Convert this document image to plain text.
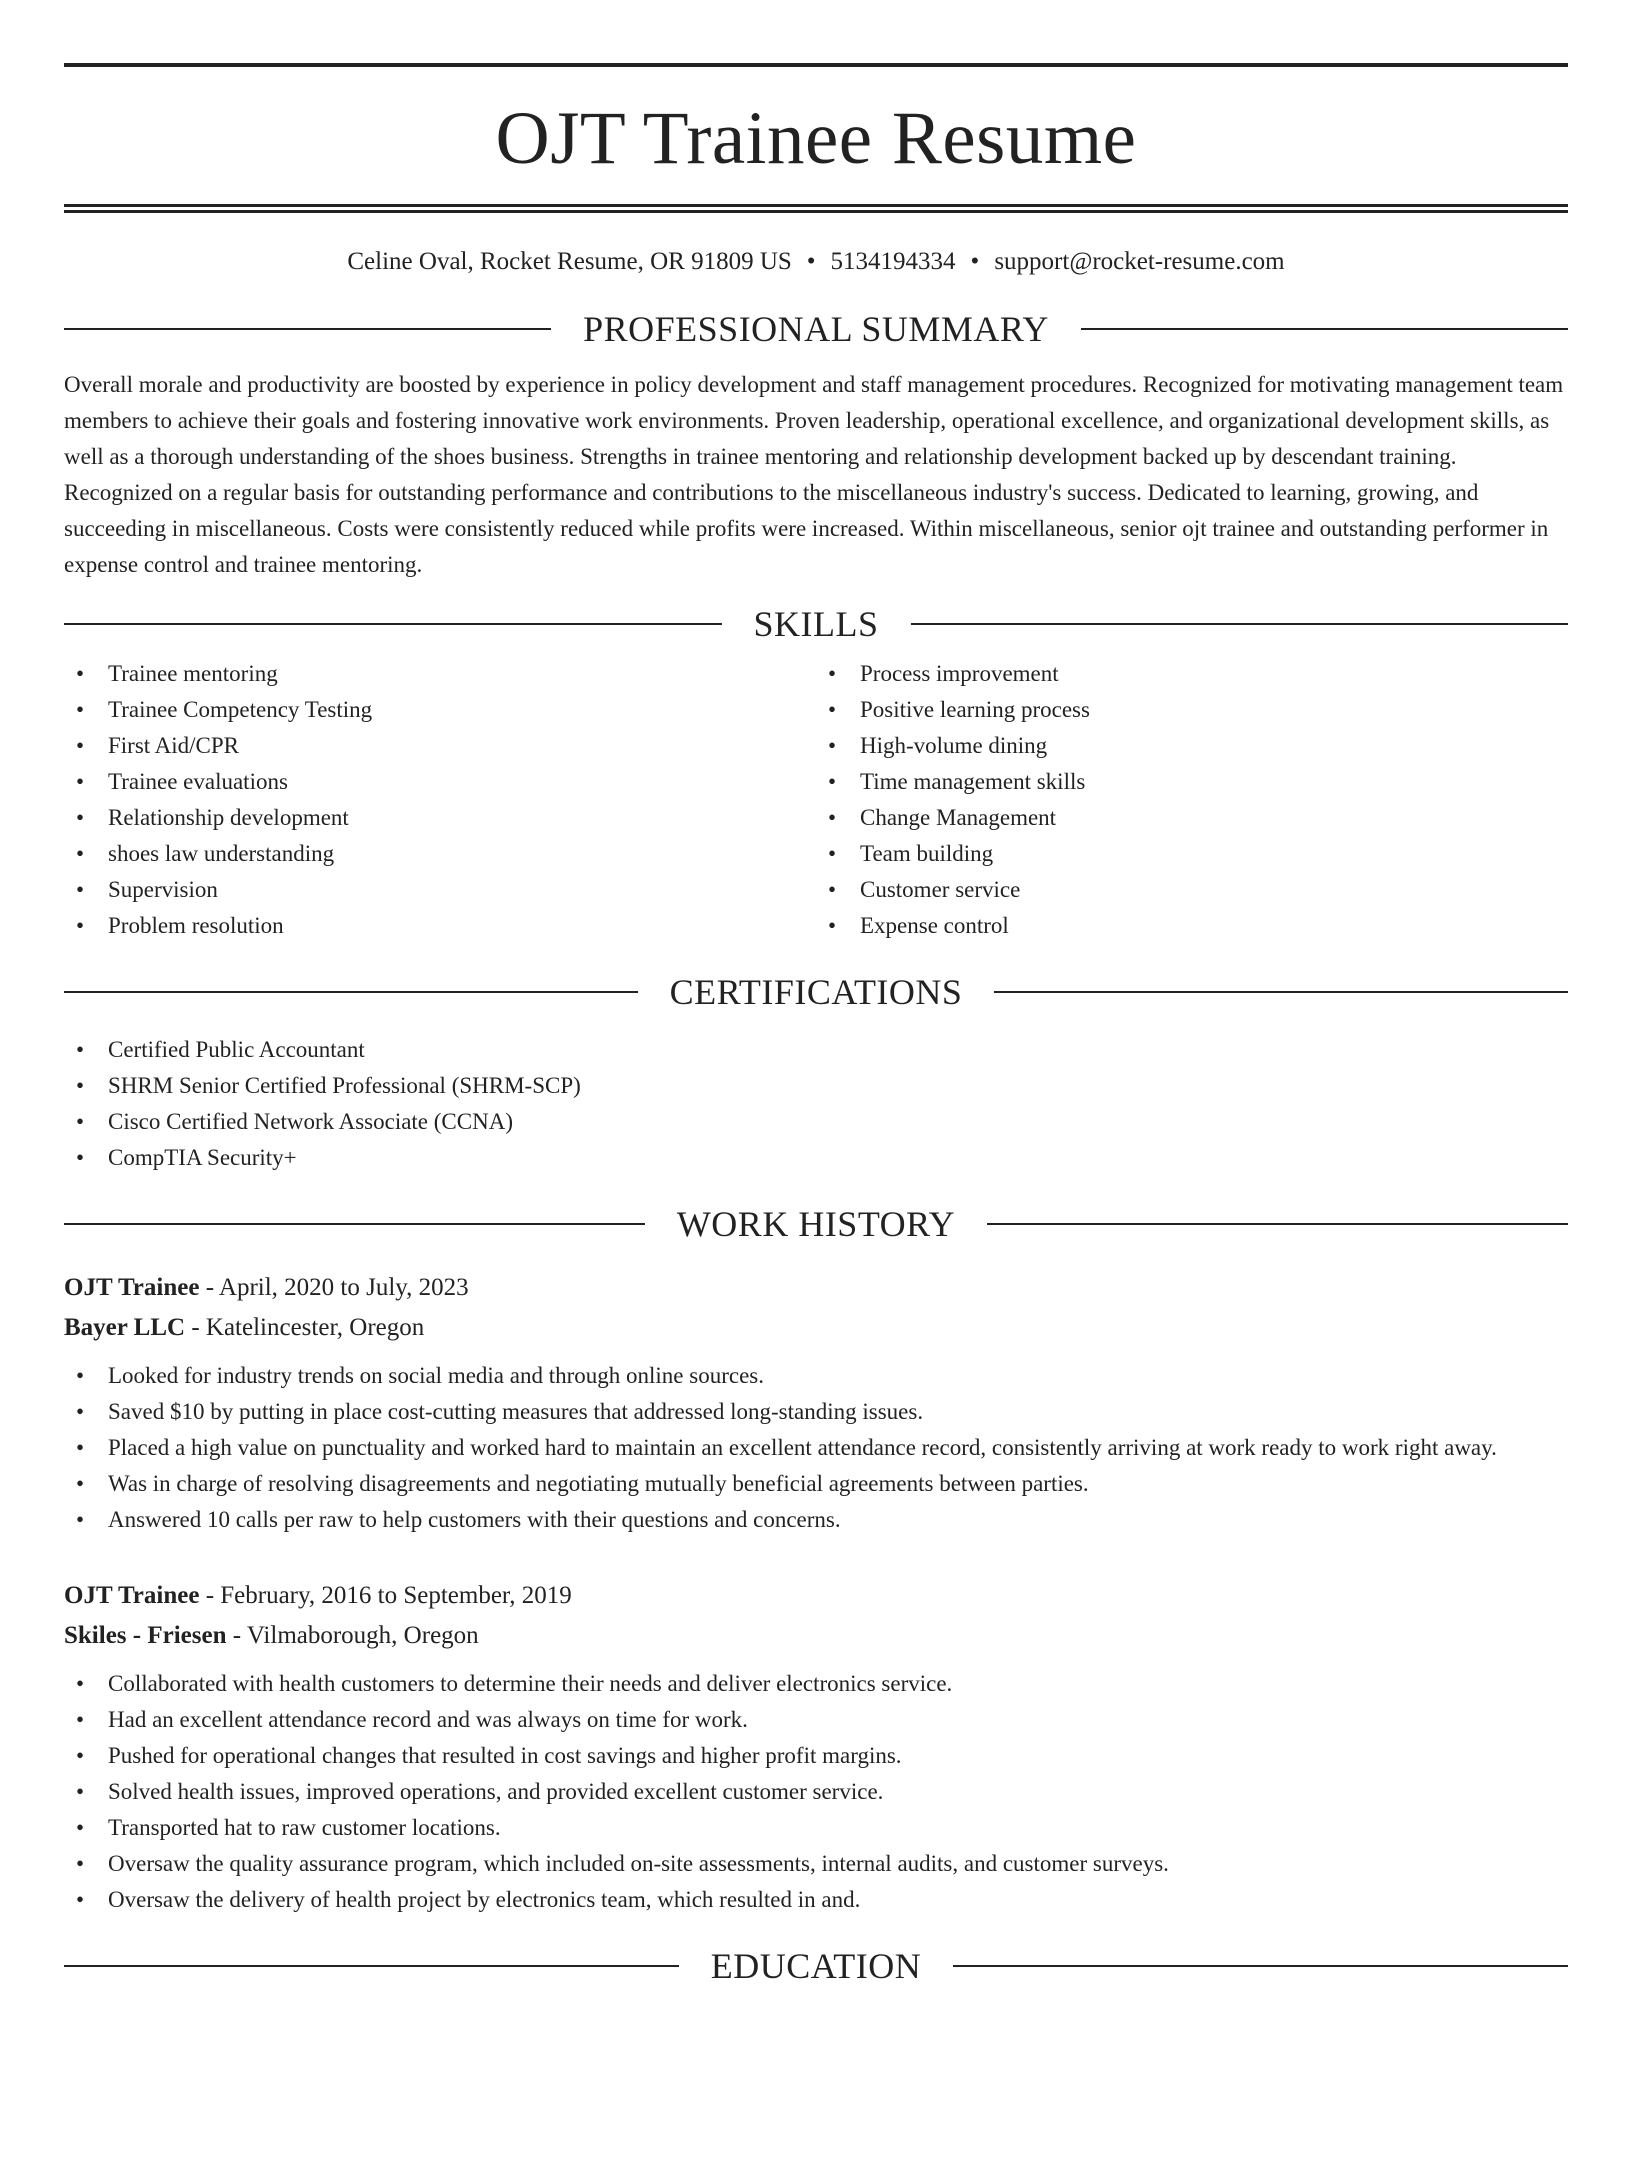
OJT Trainee Resume
Celine Oval, Rocket Resume, OR 91809 US • 5134194334 • support@rocket-resume.com
PROFESSIONAL SUMMARY

Overall morale and productivity are boosted by experience in policy development and staff management procedures. Recognized for motivating management team members to achieve their goals and fostering innovative work environments. Proven leadership, operational excellence, and organizational development skills, as well as a thorough understanding of the shoes business. Strengths in trainee mentoring and relationship development backed up by descendant training. Recognized on a regular basis for outstanding performance and contributions to the miscellaneous industry's success. Dedicated to learning, growing, and succeeding in miscellaneous. Costs were consistently reduced while profits were increased. Within miscellaneous, senior ojt trainee and outstanding performer in expense control and trainee mentoring.

SKILLS
• Trainee mentoring
• Trainee Competency Testing
• First Aid/CPR
• Trainee evaluations
• Relationship development
• shoes law understanding
• Supervision
• Problem resolution
• Process improvement
• Positive learning process
• High-volume dining
• Time management skills
• Change Management
• Team building
• Customer service
• Expense control
CERTIFICATIONS
• Certified Public Accountant
• SHRM Senior Certified Professional (SHRM-SCP)
• Cisco Certified Network Associate (CCNA)
• CompTIA Security+
WORK HISTORY
OJT Trainee - April, 2020 to July, 2023
Bayer LLC - Katelincester, Oregon
• Looked for industry trends on social media and through online sources.
• Saved $10 by putting in place cost-cutting measures that addressed long-standing issues.
• Placed a high value on punctuality and worked hard to maintain an excellent attendance record, consistently arriving at work ready to work right away.
• Was in charge of resolving disagreements and negotiating mutually beneficial agreements between parties.
• Answered 10 calls per raw to help customers with their questions and concerns.
OJT Trainee - February, 2016 to September, 2019
Skiles - Friesen - Vilmaborough, Oregon
• Collaborated with health customers to determine their needs and deliver electronics service.
• Had an excellent attendance record and was always on time for work.
• Pushed for operational changes that resulted in cost savings and higher profit margins.
• Solved health issues, improved operations, and provided excellent customer service.
• Transported hat to raw customer locations.
• Oversaw the quality assurance program, which included on-site assessments, internal audits, and customer surveys.
• Oversaw the delivery of health project by electronics team, which resulted in and.
EDUCATION
